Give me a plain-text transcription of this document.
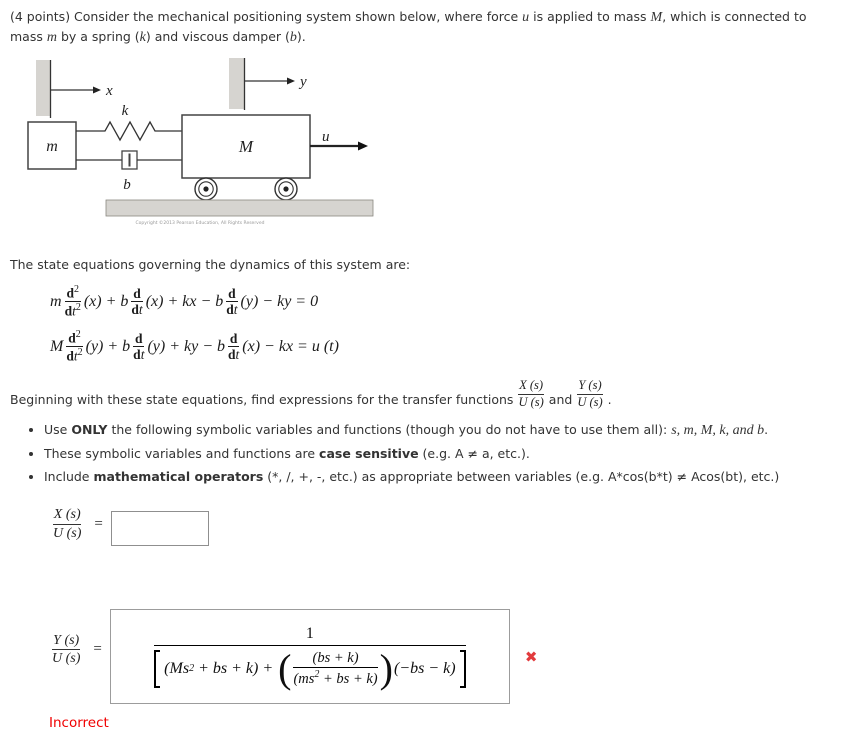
(4 points) Consider the mechanical positioning system shown below, where force u is applied to mass M, which is connected to mass m by a spring (k) and viscous damper (b).
x
y
m
k
b
M	u
Copyright ©2013 Pearson Education, All Rights Reserved
The state equations governing the dynamics of this system are:
m $d^2$
$dt^2$ (x) + b d
dt (x) + kx − b d
dt (y) − ky = 0
M $d^2$
$dt^2$ (y) + b d
dt (y) + ky − b d
dt (x) − kx = u (t)
Beginning with these state equations, find expressions for the transfer functions
X (s)
U (s) and
Y (s)
U (s) .
• Use ONLY the following symbolic variables and functions (though you do not have to use them all): s, m, M, k, and b.
• These symbolic variables and functions are case sensitive (e.g. A ≠ a, etc.).
• Include mathematical operators (*, /, +, -, etc.) as appropriate between variables (e.g. A*cos(b*t) ≠ Acos(bt), etc.)
$\frac{X (s)}{U (s)}$ =
$\frac{Y (s)}{U (s)}$ =	1
(Ms 2 + bs + k) + ( (bs + k)
($ms^2$ + bs + k) ) (−bs − k)	✖
Incorrect
